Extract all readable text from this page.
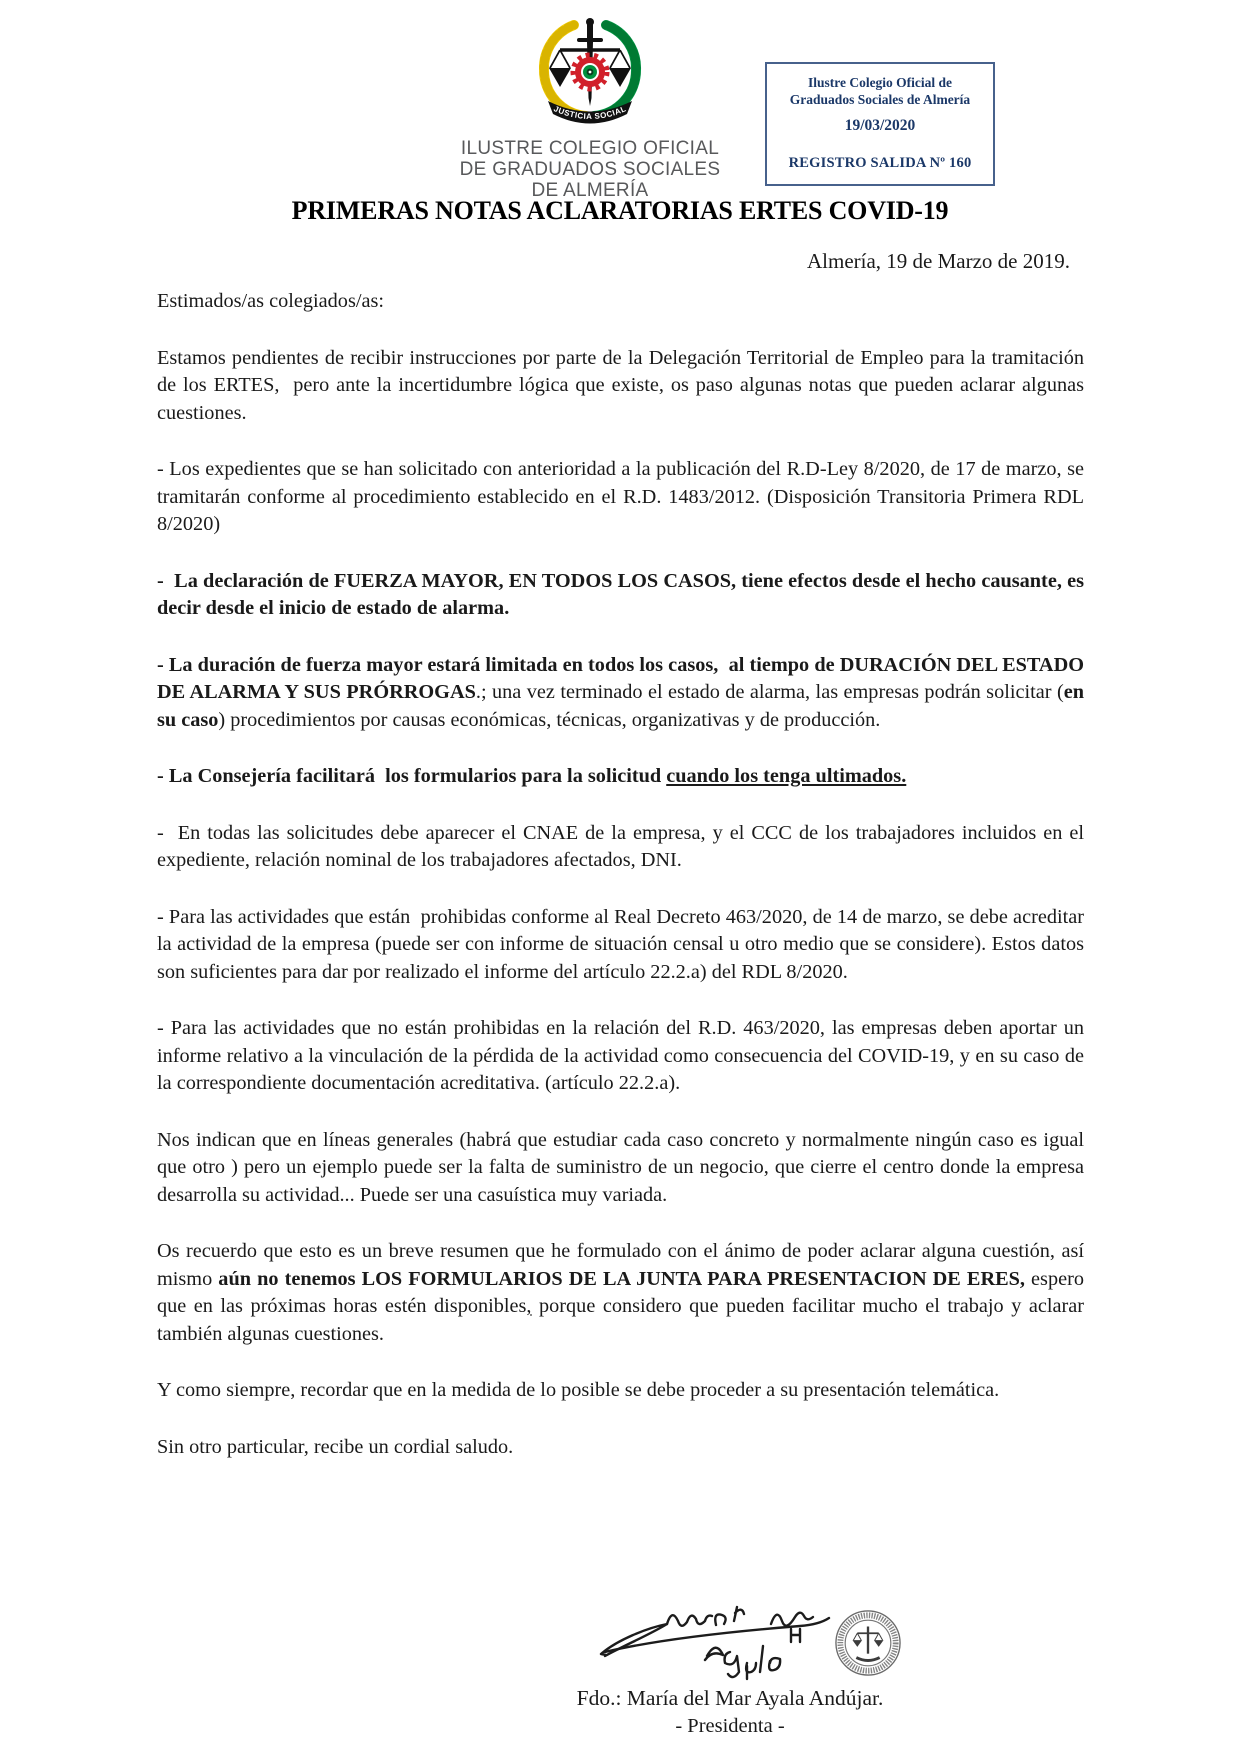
JUSTICIA SOCIAL
ILUSTRE COLEGIO OFICIAL
DE GRADUADOS SOCIALES
DE ALMERÍA
Ilustre Colegio Oficial de
Graduados Sociales de Almería
19/03/2020
REGISTRO SALIDA Nº 160
PRIMERAS NOTAS ACLARATORIAS ERTES COVID-19
Almería, 19 de Marzo de 2019.

Estimados/as colegiados/as:

Estamos pendientes de recibir instrucciones por parte de la Delegación Territorial de Empleo para la tramitación de los ERTES,  pero ante la incertidumbre lógica que existe, os paso algunas notas que pueden aclarar algunas cuestiones.

- Los expedientes que se han solicitado con anterioridad a la publicación del R.D-Ley 8/2020, de 17 de marzo, se tramitarán conforme al procedimiento establecido en el R.D. 1483/2012. (Disposición Transitoria Primera RDL 8/2020)

-  La declaración de FUERZA MAYOR, EN TODOS LOS CASOS, tiene efectos desde el hecho causante, es decir desde el inicio de estado de alarma.

- La duración de fuerza mayor estará limitada en todos los casos,  al tiempo de DURACIÓN DEL ESTADO DE ALARMA Y SUS PRÓRROGAS.; una vez terminado el estado de alarma, las empresas podrán solicitar (en su caso) procedimientos por causas económicas, técnicas, organizativas y de producción.

- La Consejería facilitará  los formularios para la solicitud cuando los tenga ultimados.

-  En todas las solicitudes debe aparecer el CNAE de la empresa, y el CCC de los trabajadores incluidos en el expediente, relación nominal de los trabajadores afectados, DNI.

- Para las actividades que están  prohibidas conforme al Real Decreto 463/2020, de 14 de marzo, se debe acreditar la actividad de la empresa (puede ser con informe de situación censal u otro medio que se considere). Estos datos son suficientes para dar por realizado el informe del artículo 22.2.a) del RDL 8/2020.

- Para las actividades que no están prohibidas en la relación del R.D. 463/2020, las empresas deben aportar un informe relativo a la vinculación de la pérdida de la actividad como consecuencia del COVID-19, y en su caso de la correspondiente documentación acreditativa. (artículo 22.2.a).

Nos indican que en líneas generales (habrá que estudiar cada caso concreto y normalmente ningún caso es igual que otro ) pero un ejemplo puede ser la falta de suministro de un negocio, que cierre el centro donde la empresa desarrolla su actividad... Puede ser una casuística muy variada.

Os recuerdo que esto es un breve resumen que he formulado con el ánimo de poder aclarar alguna cuestión, así mismo aún no tenemos LOS FORMULARIOS DE LA JUNTA PARA PRESENTACION DE ERES, espero que en las próximas horas estén disponibles, porque considero que pueden facilitar mucho el trabajo y aclarar también algunas cuestiones.

Y como siempre, recordar que en la medida de lo posible se debe proceder a su presentación telemática.

Sin otro particular, recibe un cordial saludo.

Fdo.: María del Mar Ayala Andújar.
- Presidenta -
